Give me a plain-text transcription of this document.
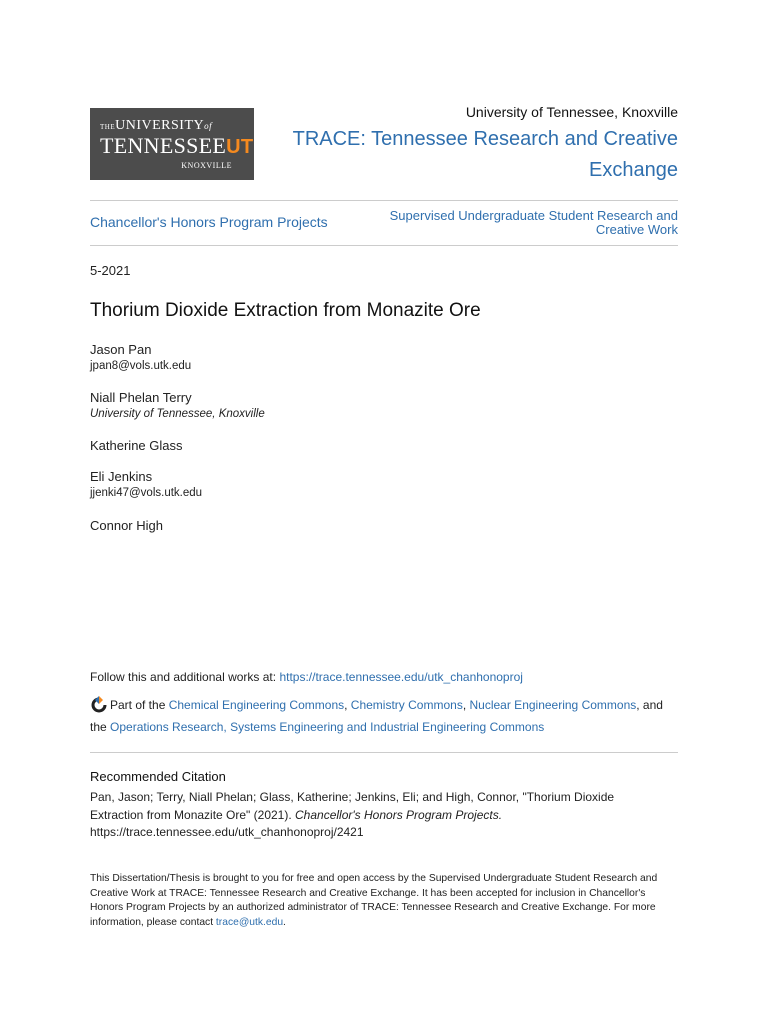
THEUNIVERSITYof
TENNESSEEUT
KNOXVILLE
University of Tennessee, Knoxville
TRACE: Tennessee Research and Creative Exchange
Chancellor's Honors Program Projects	Supervised Undergraduate Student Research and Creative Work
5-2021
Thorium Dioxide Extraction from Monazite Ore
Jason Pan
jpan8@vols.utk.edu
Niall Phelan Terry
University of Tennessee, Knoxville
Katherine Glass
Eli Jenkins
jjenki47@vols.utk.edu
Connor High
Follow this and additional works at: https://trace.tennessee.edu/utk_chanhonoproj
Part of the Chemical Engineering Commons, Chemistry Commons, Nuclear Engineering Commons, and the Operations Research, Systems Engineering and Industrial Engineering Commons
Recommended Citation
Pan, Jason; Terry, Niall Phelan; Glass, Katherine; Jenkins, Eli; and High, Connor, "Thorium Dioxide Extraction from Monazite Ore" (2021). Chancellor's Honors Program Projects.
https://trace.tennessee.edu/utk_chanhonoproj/2421
This Dissertation/Thesis is brought to you for free and open access by the Supervised Undergraduate Student Research and Creative Work at TRACE: Tennessee Research and Creative Exchange. It has been accepted for inclusion in Chancellor's Honors Program Projects by an authorized administrator of TRACE: Tennessee Research and Creative Exchange. For more information, please contact trace@utk.edu.
